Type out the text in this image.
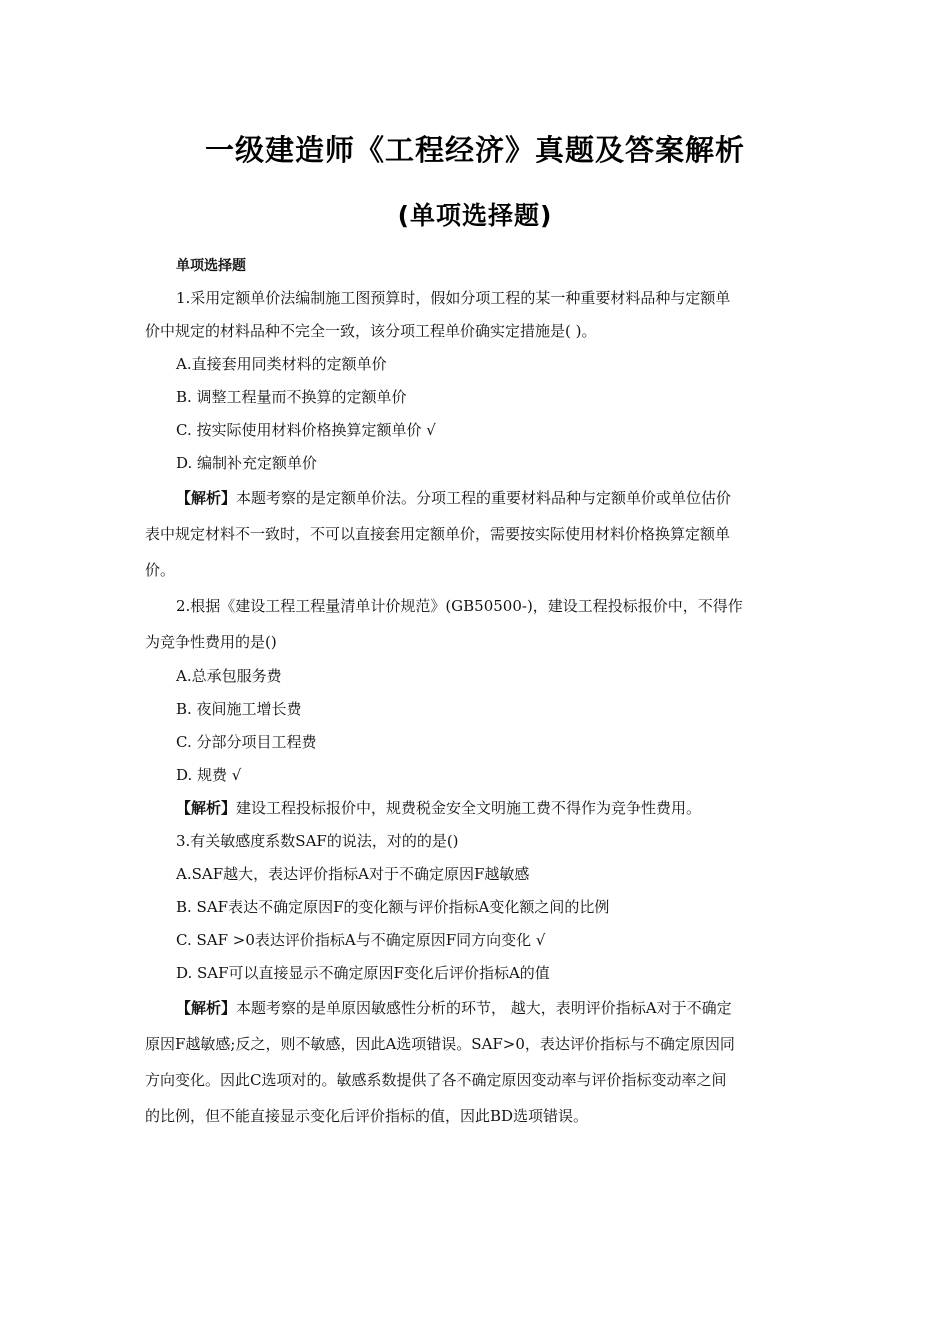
一级建造师《工程经济》真题及答案解析
(单项选择题)
单项选择题
1.采用定额单价法编制施工图预算时，假如分项工程的某一种重要材料品种与定额单
价中规定的材料品种不完全一致，该分项工程单价确实定措施是( )。
A.直接套用同类材料的定额单价
B. 调整工程量而不换算的定额单价
C. 按实际使用材料价格换算定额单价 √
D. 编制补充定额单价
【解析】本题考察的是定额单价法。分项工程的重要材料品种与定额单价或单位估价
表中规定材料不一致时，不可以直接套用定额单价，需要按实际使用材料价格换算定额单
价。
2.根据《建设工程工程量清单计价规范》(GB50500-)，建设工程投标报价中，不得作
为竞争性费用的是()
A.总承包服务费
B. 夜间施工增长费
C. 分部分项目工程费
D. 规费 √
【解析】建设工程投标报价中，规费税金安全文明施工费不得作为竞争性费用。
3.有关敏感度系数SAF的说法，对的的是()
A.SAF越大，表达评价指标A对于不确定原因F越敏感
B. SAF表达不确定原因F的变化额与评价指标A变化额之间的比例
C. SAF >0表达评价指标A与不确定原因F同方向变化 √
D. SAF可以直接显示不确定原因F变化后评价指标A的值
【解析】本题考察的是单原因敏感性分析的环节， 越大，表明评价指标A对于不确定
原因F越敏感;反之，则不敏感，因此A选项错误。SAF>0，表达评价指标与不确定原因同
方向变化。因此C选项对的。敏感系数提供了各不确定原因变动率与评价指标变动率之间
的比例，但不能直接显示变化后评价指标的值，因此BD选项错误。
